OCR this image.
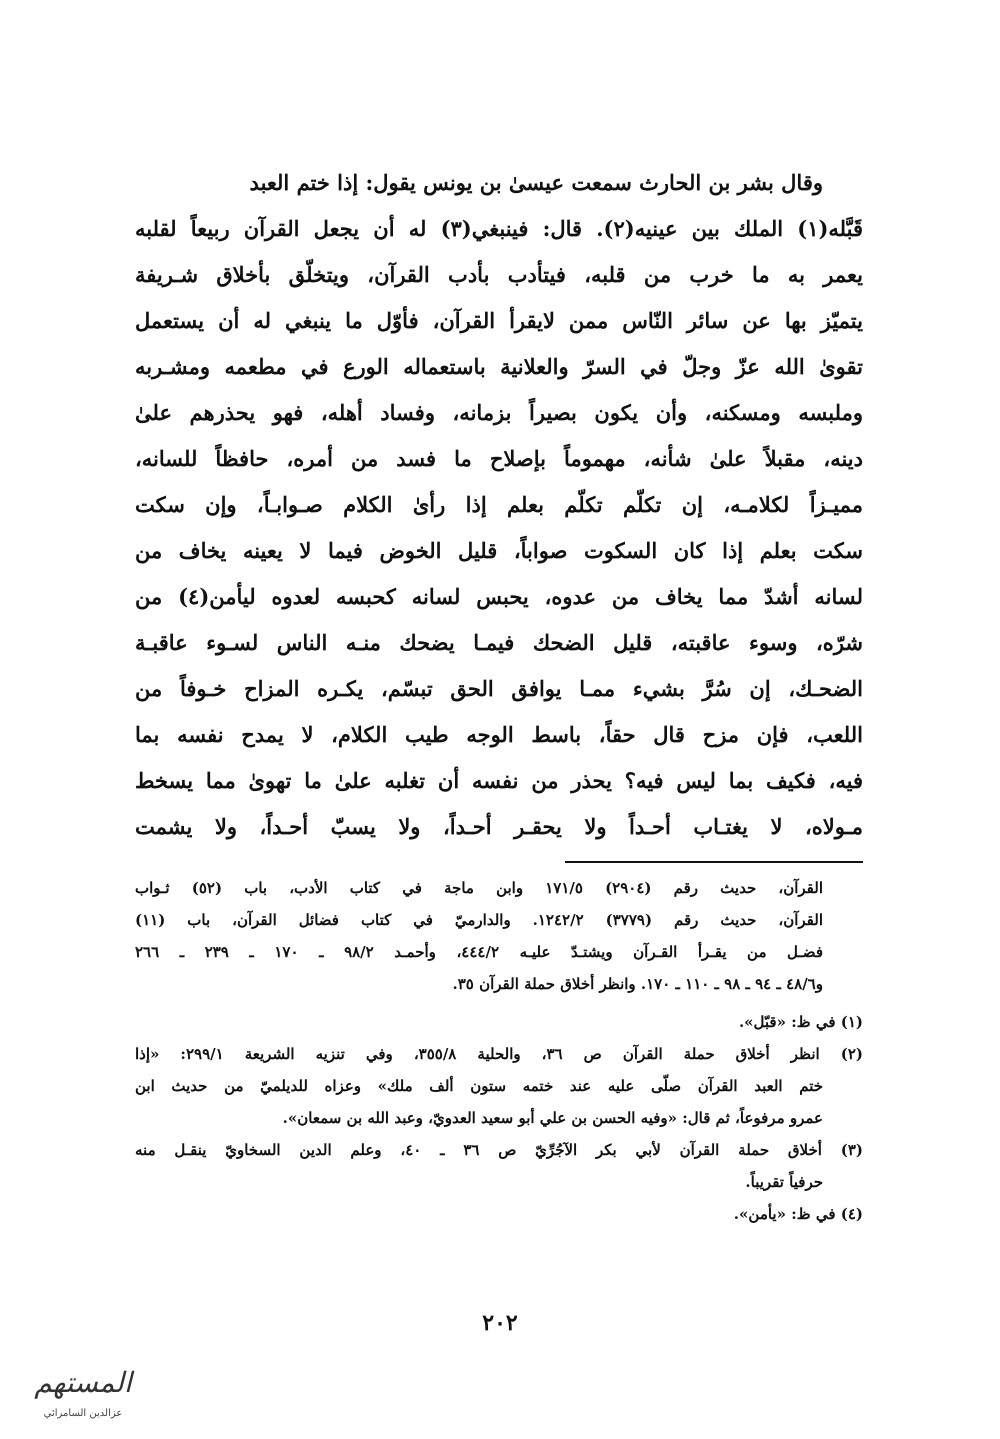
وقال بشر بن الحارث سمعت عيسىٰ بن يونس يقول: إذا ختم العبد
قَبَّله(١) الملك بين عينيه(٢). قال: فينبغي(٣) له أن يجعل القرآن ربيعاً لقلبه
يعمر به ما خرب من قلبه، فيتأدب بأدب القرآن، ويتخلّق بأخلاق شـريفة
يتميّز بها عن سائر النّاس ممن لايقرأ القرآن، فأوّل ما ينبغي له أن يستعمل
تقوىٰ الله عزّ وجلّ في السرّ والعلانية باستعماله الورع في مطعمه ومشـربه
وملبسه ومسكنه، وأن يكون بصيراً بزمانه، وفساد أهله، فهو يحذرهم علىٰ
دينه، مقبلاً علىٰ شأنه، مهموماً بإصلاح ما فسد من أمره، حافظاً للسانه،
مميـزاً لكلامـه، إن تكلّم تكلّم بعلم إذا رأىٰ الكلام صـوابـاً، وإن سكت
سكت بعلم إذا كان السكوت صواباً، قليل الخوض فيما لا يعينه يخاف من
لسانه أشدّ مما يخاف من عدوه، يحبس لسانه كحبسه لعدوه ليأمن(٤) من
شرّه، وسوء عاقبته، قليل الضحك فيمـا يضحك منـه الناس لسـوء عاقبـة
الضحـك، إن سُرَّ بشيء ممـا يوافق الحق تبسّم، يكـره المزاح خـوفاً من
اللعب، فإن مزح قال حقاً، باسط الوجه طيب الكلام، لا يمدح نفسه بما
فيه، فكيف بما ليس فيه؟ يحذر من نفسه أن تغلبه علىٰ ما تهوىٰ مما يسخط
مـولاه، لا يغتـاب أحـداً ولا يحقـر أحـداً، ولا يسبّ أحـداً، ولا يشمت
القرآن، حديث رقم (٢٩٠٤) ١٧١/٥ وابن ماجة في كتاب الأدب، باب (٥٢) ثـواب
القرآن، حديث رقم (٣٧٧٩) ١٢٤٢/٢. والدارميّ في كتاب فضائل القرآن، باب (١١)
فضـل من يقـرأ القـرآن ويشتـدّ عليـه ٤٤٤/٢، وأحمـد ٩٨/٢ ـ ١٧٠ ـ ٢٣٩ ـ ٢٦٦
و٤٨/٦ ـ ٩٤ ـ ٩٨ ـ ١١٠ ـ ١٧٠. وانظر أخلاق حملة القرآن ٣٥.
(١) في ظ: «قبّل».
(٢) انظر أخلاق حملة القرآن ص ٣٦، والحلية ٣٥٥/٨، وفي تنزيه الشريعة ٢٩٩/١: «إذا
ختم العبد القرآن صلّى عليه عند ختمه ستون ألف ملك» وعزاه للديلميّ من حديث ابن
عمرو مرفوعاً، ثم قال: «وفيه الحسن بن علي أبو سعيد العدويّ، وعبد الله بن سمعان».
(٣) أخلاق حملة القرآن لأبي بكر الآجُرِّيّ ص ٣٦ ـ ٤٠، وعلم الدين السخاويّ ينقـل منه
حرفياً تقريباً.
(٤) في ظ: «يأمن».
٢٠٢
المستهم
عزالدين السامرائي
